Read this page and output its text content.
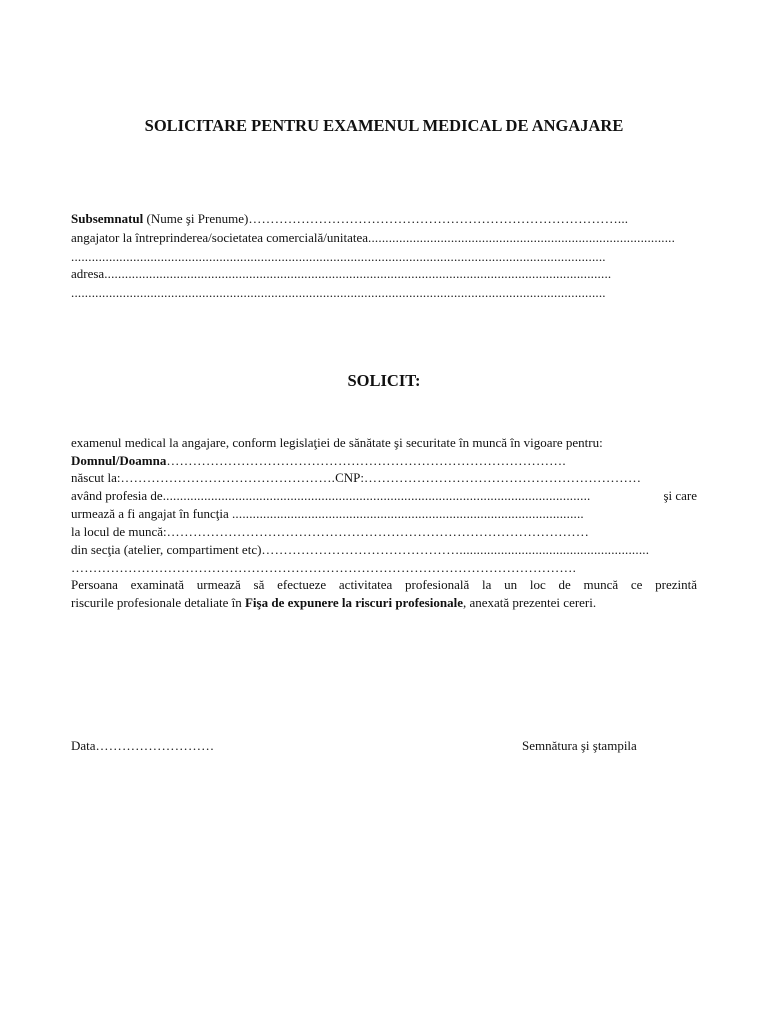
SOLICITARE PENTRU EXAMENUL MEDICAL DE ANGAJARE
Subsemnatul (Nume şi Prenume)…………………………………………………………………………...
angajator la întreprinderea/societatea comercială/unitatea.........................................................................................
...........................................................................................................................................................
adresa...................................................................................................................................................
...........................................................................................................................................................
SOLICIT:
examenul medical la angajare, conform legislaţiei de sănătate şi securitate în muncă în vigoare pentru:
Domnul/Doamna……………………………………………………………………………….
născut la:………………………………………….CNP:………………………………………………………
având profesia de............................................................................................................................	şi care
urmează a fi angajat în funcţia ......................................................................................................
la locul de muncă:……………………………………………………………………………………
din secţia (atelier, compartiment etc)……………………………………….......................................................
…………………………………………………………………………………………………….
Persoana examinată urmează să efectueze activitatea profesională la un loc de muncă ce prezintă
riscurile profesionale detaliate în Fişa de expunere la riscuri profesionale, anexată prezentei cereri.
Data………………………	Semnătura şi ştampila
